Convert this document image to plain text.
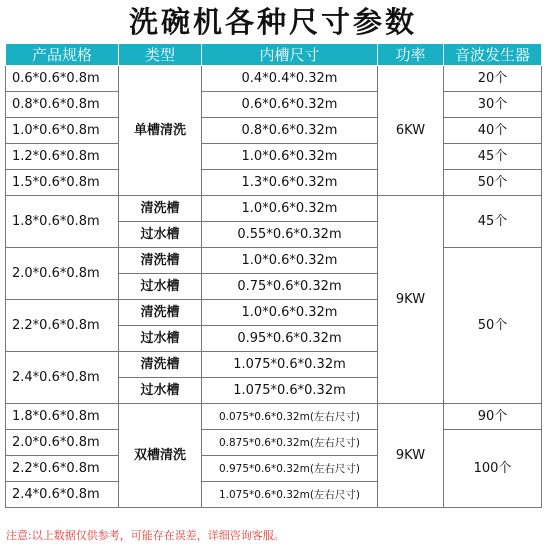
洗碗机各种尺寸参数
产品规格	类型	内槽尺寸	功率	音波发生器
0.6*0.6*0.8m	单槽清洗	0.4*0.4*0.32m	6KW	20个
0.8*0.6*0.8m		0.6*0.6*0.32m		30个
1.0*0.6*0.8m		0.8*0.6*0.32m		40个
1.2*0.6*0.8m		1.0*0.6*0.32m		45个
1.5*0.6*0.8m		1.3*0.6*0.32m		50个
1.8*0.6*0.8m	清洗槽	1.0*0.6*0.32m	9KW	45个
	过水槽	0.55*0.6*0.32m		
2.0*0.6*0.8m	清洗槽	1.0*0.6*0.32m		50个
	过水槽	0.75*0.6*0.32m		
2.2*0.6*0.8m	清洗槽	1.0*0.6*0.32m		
	过水槽	0.95*0.6*0.32m		
2.4*0.6*0.8m	清洗槽	1.075*0.6*0.32m		
	过水槽	1.075*0.6*0.32m		
1.8*0.6*0.8m	双槽清洗	0.075*0.6*0.32m(左右尺寸)	9KW	90个
2.0*0.6*0.8m		0.875*0.6*0.32m(左右尺寸)		100个
2.2*0.6*0.8m		0.975*0.6*0.32m(左右尺寸)		
2.4*0.6*0.8m		1.075*0.6*0.32m(左右尺寸)		
注意:以上数据仅供参考，可能存在误差，详细咨询客服。
